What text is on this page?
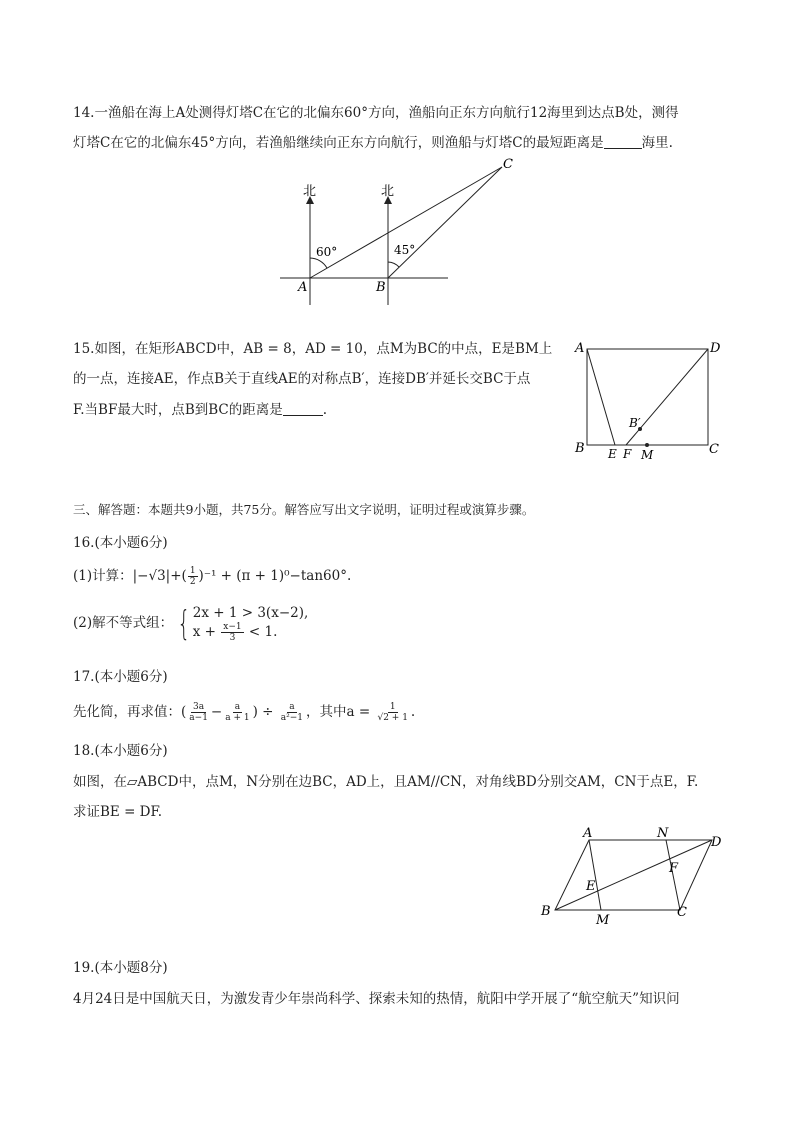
14.一渔船在海上A处测得灯塔C在它的北偏东60°方向，渔船向正东方向航行12海里到达点B处，测得
灯塔C在它的北偏东45°方向，若渔船继续向正东方向航行，则渔船与灯塔C的最短距离是	海里.
北	北
60°	45°
A	B
C
15.如图，在矩形ABCD中，AB = 8，AD = 10，点M为BC的中点，E是BM上
的一点，连接AE，作点B关于直线AE的对称点B′，连接DB′并延长交BC于点
F.当BF最大时，点B到BC的距离是	.
A	D
B	C
E F M
B′
三、解答题：本题共9小题，共75分。解答应写出文字说明，证明过程或演算步骤。
16.(本小题6分)
(1)计算：$|-√3|+( \frac{1}{2} )^{-1} + (\pi + 1)^0-\tan 60^\circ$.
(2)解不等式组： { 2x + 1 > 3(x−2),
$x + \frac{x-1}{3} < 1$.
17.(本小题6分)
先化简，再求值：( $\frac{3a}{a-1} - \frac{a}{a + 1}$ ) ÷ $\frac{a}{\text{a²−1}}$ ，其中$a = \frac{1}{√2 + 1}$ .
18.(本小题6分)
如图，在▱ABCD中，点M，N分别在边BC，AD上，且AM//CN，对角线BD分别交AM，CN于点E，F.
求证BE = DF.
A	N
D
F
E
B
M
C
19.(本小题8分)
4月24日是中国航天日，为激发青少年崇尚科学、探索未知的热情，航阳中学开展了“航空航天”知识问
